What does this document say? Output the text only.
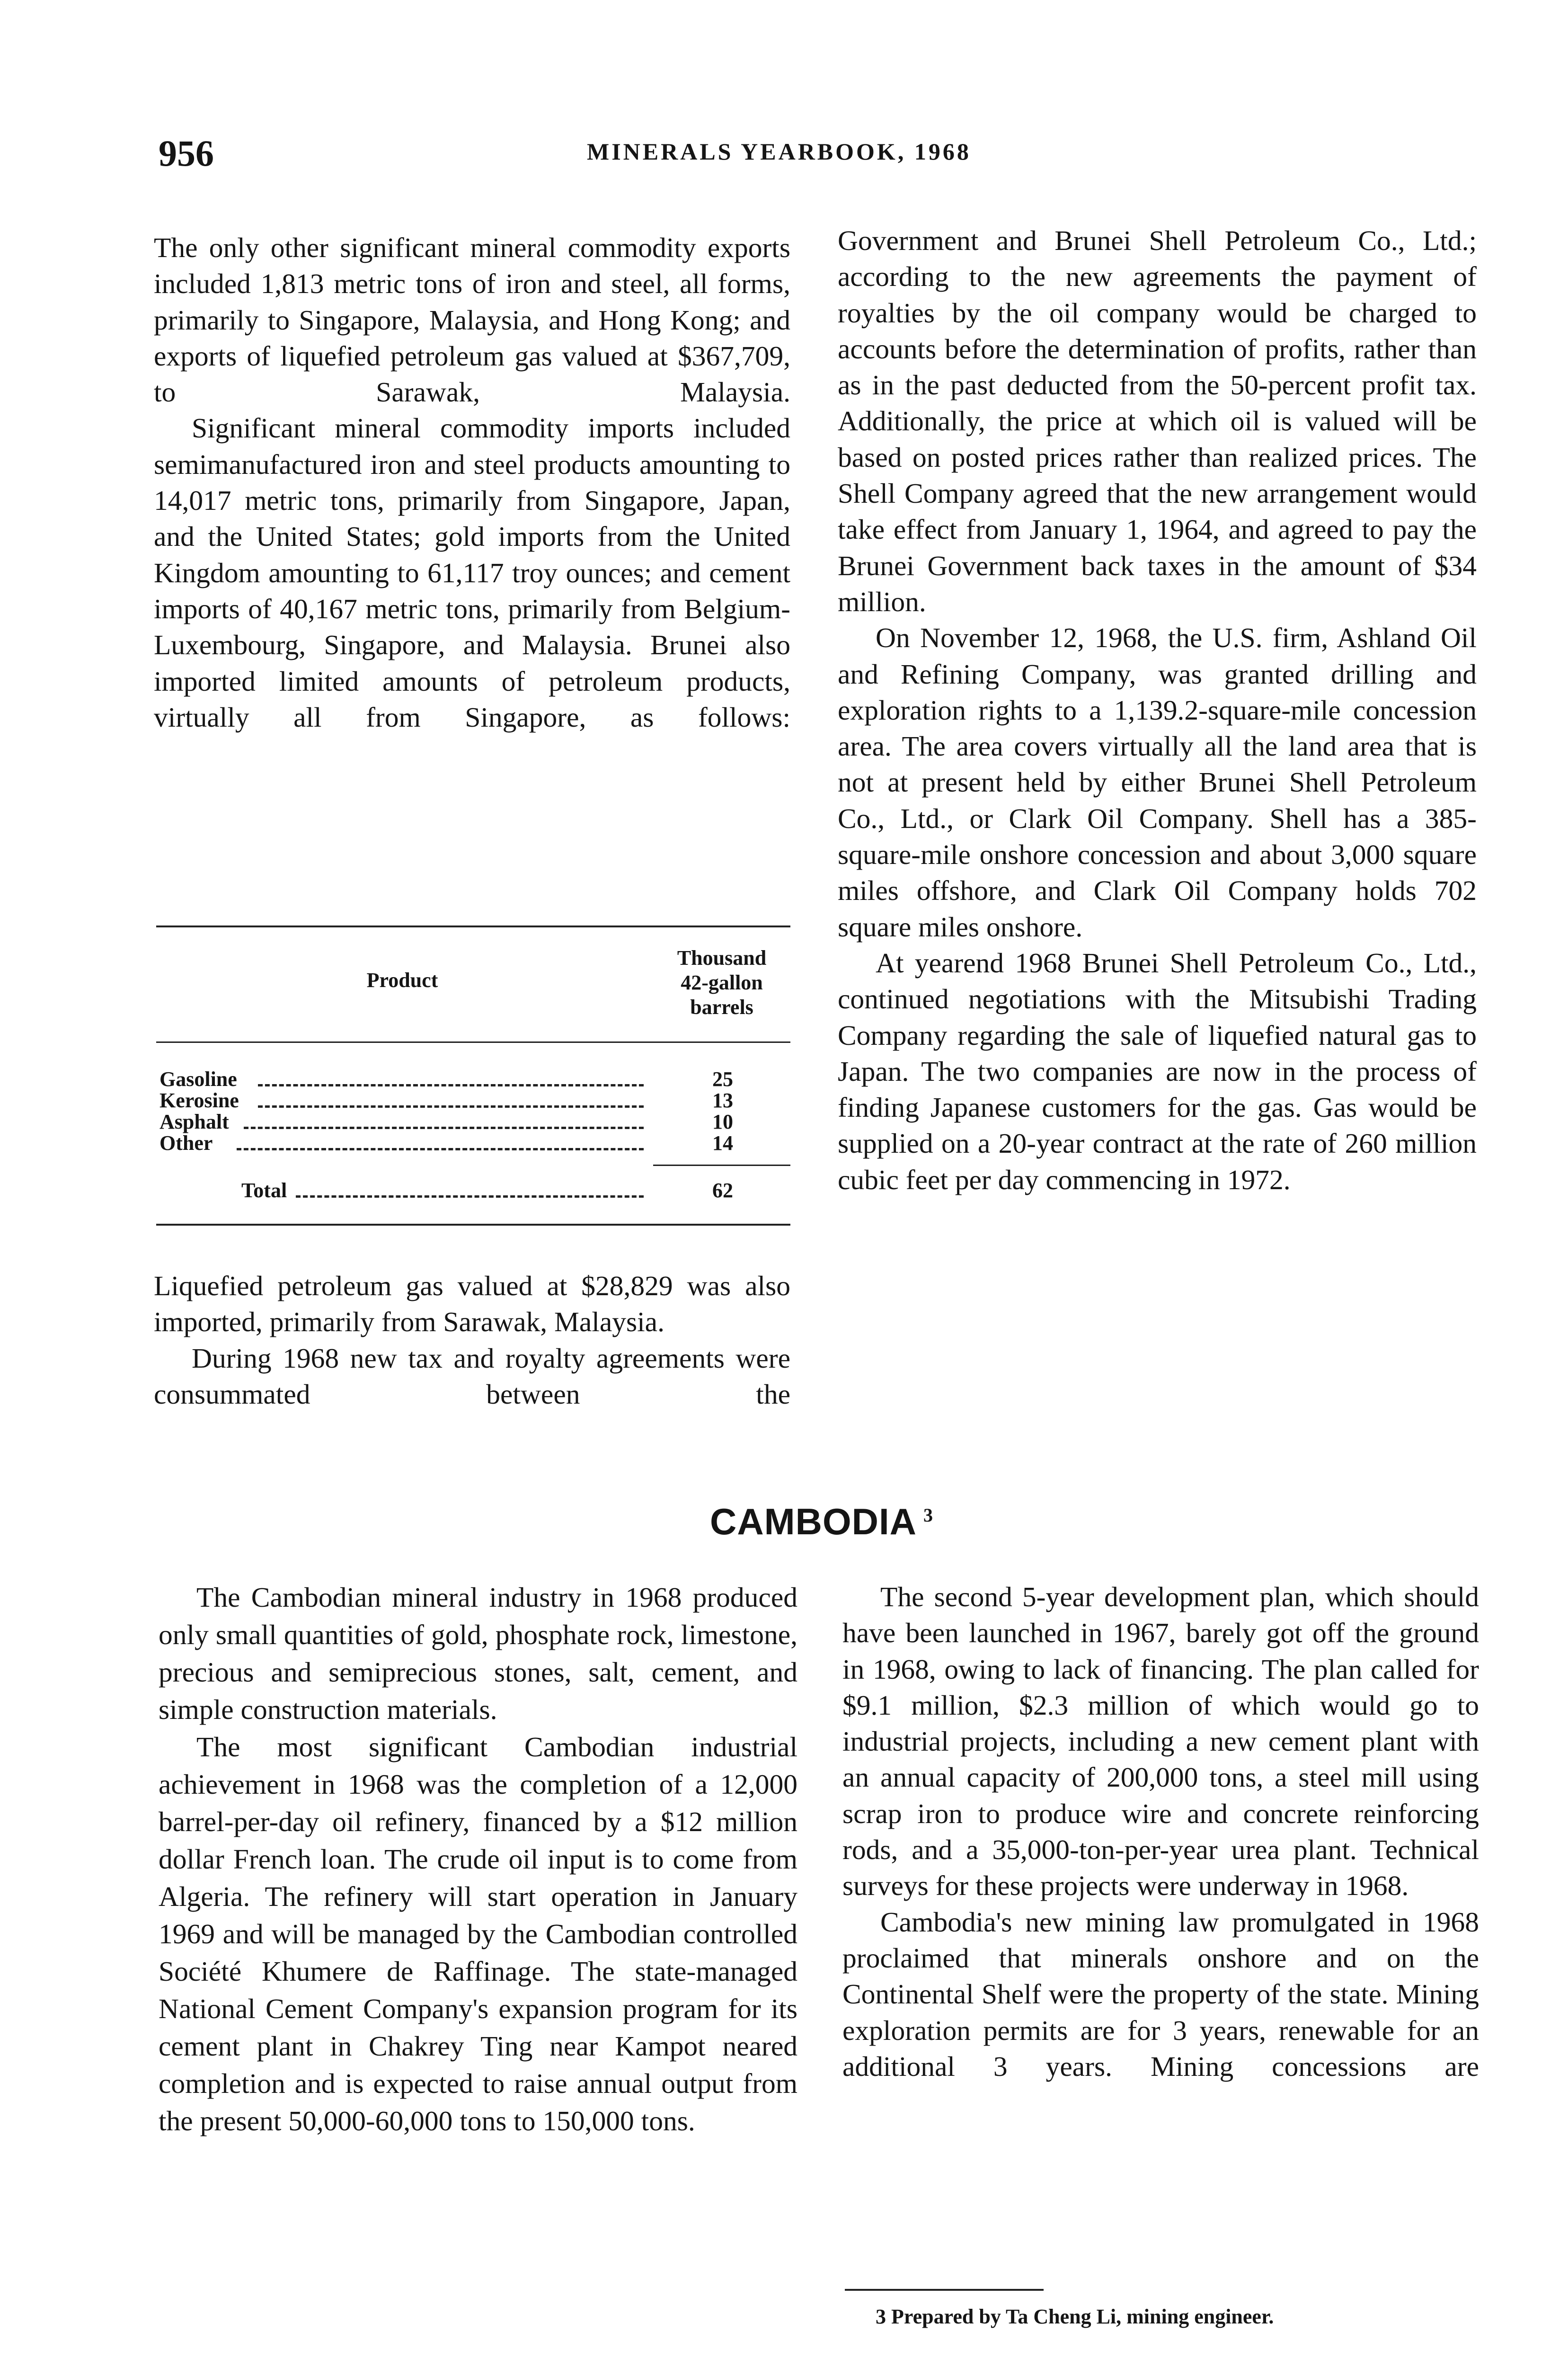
956	MINERALS YEARBOOK, 1968

The only other significant mineral commodity exports included 1,813 metric tons of iron and steel, all forms, primarily to Singapore, Malaysia, and Hong Kong; and exports of liquefied petroleum gas valued at $367,709, to Sarawak, Malaysia.

Significant mineral commodity imports included semimanufactured iron and steel products amounting to 14,017 metric tons, primarily from Singapore, Japan, and the United States; gold imports from the United Kingdom amounting to 61,117 troy ounces; and cement imports of 40,167 metric tons, primarily from Belgium-Luxembourg, Singapore, and Malaysia. Brunei also imported limited amounts of petroleum products, virtually all from Singapore, as follows:

Product
Thousand
42-gallon
barrels
Gasoline	25
Kerosine	13
Asphalt	10
Other	14
Total	62

Liquefied petroleum gas valued at $28,829 was also imported, primarily from Sarawak, Malaysia.

During 1968 new tax and royalty agreements were consummated between the

Government and Brunei Shell Petroleum Co., Ltd.; according to the new agreements the payment of royalties by the oil company would be charged to accounts before the determination of profits, rather than as in the past deducted from the 50-percent profit tax. Additionally, the price at which oil is valued will be based on posted prices rather than realized prices. The Shell Company agreed that the new arrangement would take effect from January 1, 1964, and agreed to pay the Brunei Government back taxes in the amount of $34 million.

On November 12, 1968, the U.S. firm, Ashland Oil and Refining Company, was granted drilling and exploration rights to a 1,139.2-square-mile concession area. The area covers virtually all the land area that is not at present held by either Brunei Shell Petroleum Co., Ltd., or Clark Oil Company. Shell has a 385-square-mile onshore concession and about 3,000 square miles offshore, and Clark Oil Company holds 702 square miles onshore.

At yearend 1968 Brunei Shell Petroleum Co., Ltd., continued negotiations with the Mitsubishi Trading Company regarding the sale of liquefied natural gas to Japan. The two companies are now in the process of finding Japanese customers for the gas. Gas would be supplied on a 20-year contract at the rate of 260 million cubic feet per day commencing in 1972.

CAMBODIA $^3$

The Cambodian mineral industry in 1968 produced only small quantities of gold, phosphate rock, limestone, precious and semiprecious stones, salt, cement, and simple construction materials.

The most significant Cambodian industrial achievement in 1968 was the completion of a 12,000 barrel-per-day oil refinery, financed by a $12 million dollar French loan. The crude oil input is to come from Algeria. The refinery will start operation in January 1969 and will be managed by the Cambodian controlled Société Khumere de Raffinage. The state-managed National Cement Company's expansion program for its cement plant in Chakrey Ting near Kampot neared completion and is expected to raise annual output from the present 50,000-60,000 tons to 150,000 tons.

The second 5-year development plan, which should have been launched in 1967, barely got off the ground in 1968, owing to lack of financing. The plan called for $9.1 million, $2.3 million of which would go to industrial projects, including a new cement plant with an annual capacity of 200,000 tons, a steel mill using scrap iron to produce wire and concrete reinforcing rods, and a 35,000-ton-per-year urea plant. Technical surveys for these projects were underway in 1968.

Cambodia's new mining law promulgated in 1968 proclaimed that minerals onshore and on the Continental Shelf were the property of the state. Mining exploration permits are for 3 years, renewable for an additional 3 years. Mining concessions are

3 Prepared by Ta Cheng Li, mining engineer.
